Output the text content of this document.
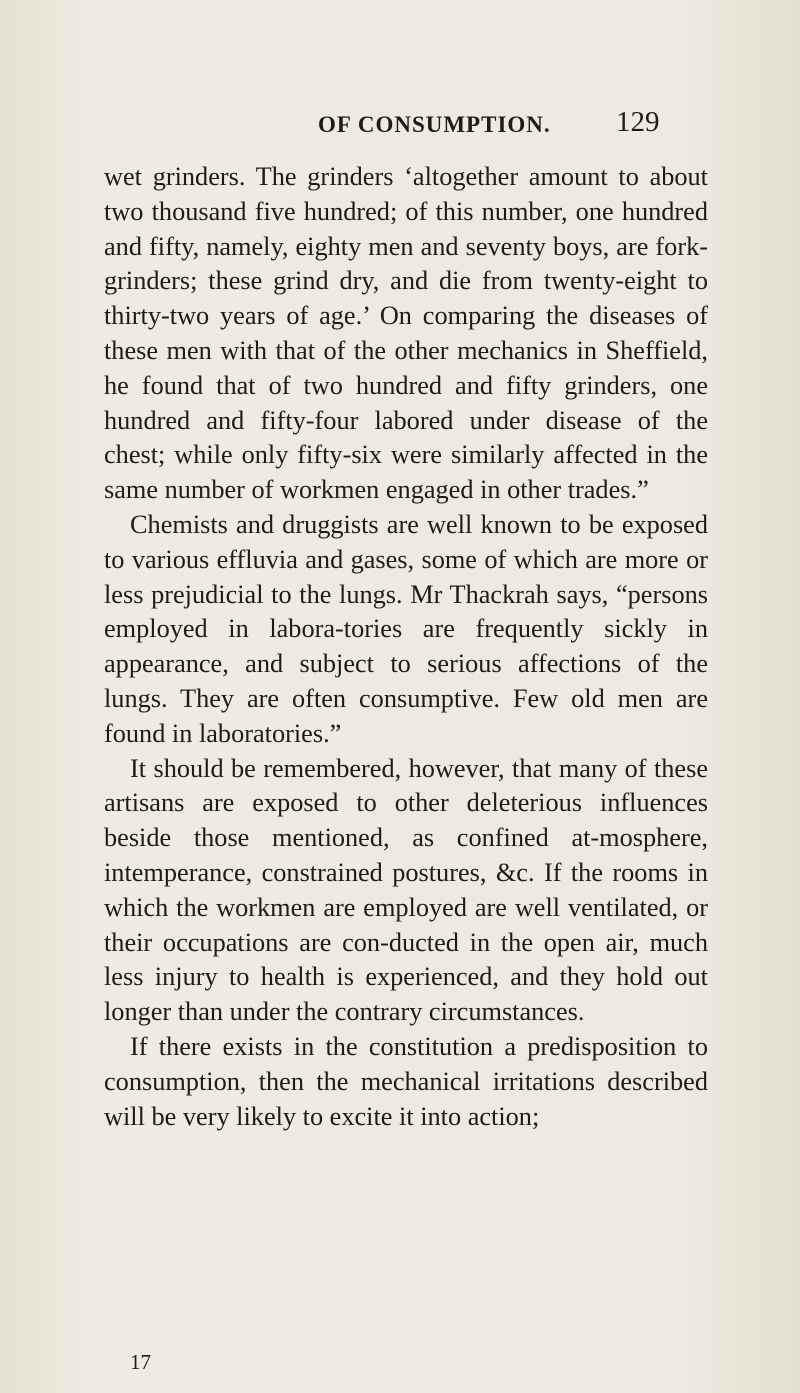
OF CONSUMPTION. 129

wet grinders. The grinders ‘altogether amount to about two thousand five hundred; of this number, one hundred and fifty, namely, eighty men and seventy boys, are fork-grinders; these grind dry, and die from twenty-eight to thirty-two years of age.’ On comparing the diseases of these men with that of the other mechanics in Sheffield, he found that of two hundred and fifty grinders, one hundred and fifty-four labored under disease of the chest; while only fifty-six were similarly affected in the same number of workmen engaged in other trades.”

Chemists and druggists are well known to be exposed to various effluvia and gases, some of which are more or less prejudicial to the lungs. Mr Thackrah says, “persons employed in labora-tories are frequently sickly in appearance, and subject to serious affections of the lungs. They are often consumptive. Few old men are found in laboratories.”

It should be remembered, however, that many of these artisans are exposed to other deleterious influences beside those mentioned, as confined at-mosphere, intemperance, constrained postures, &c. If the rooms in which the workmen are employed are well ventilated, or their occupations are con-ducted in the open air, much less injury to health is experienced, and they hold out longer than under the contrary circumstances.

If there exists in the constitution a predisposition to consumption, then the mechanical irritations described will be very likely to excite it into action;

17
